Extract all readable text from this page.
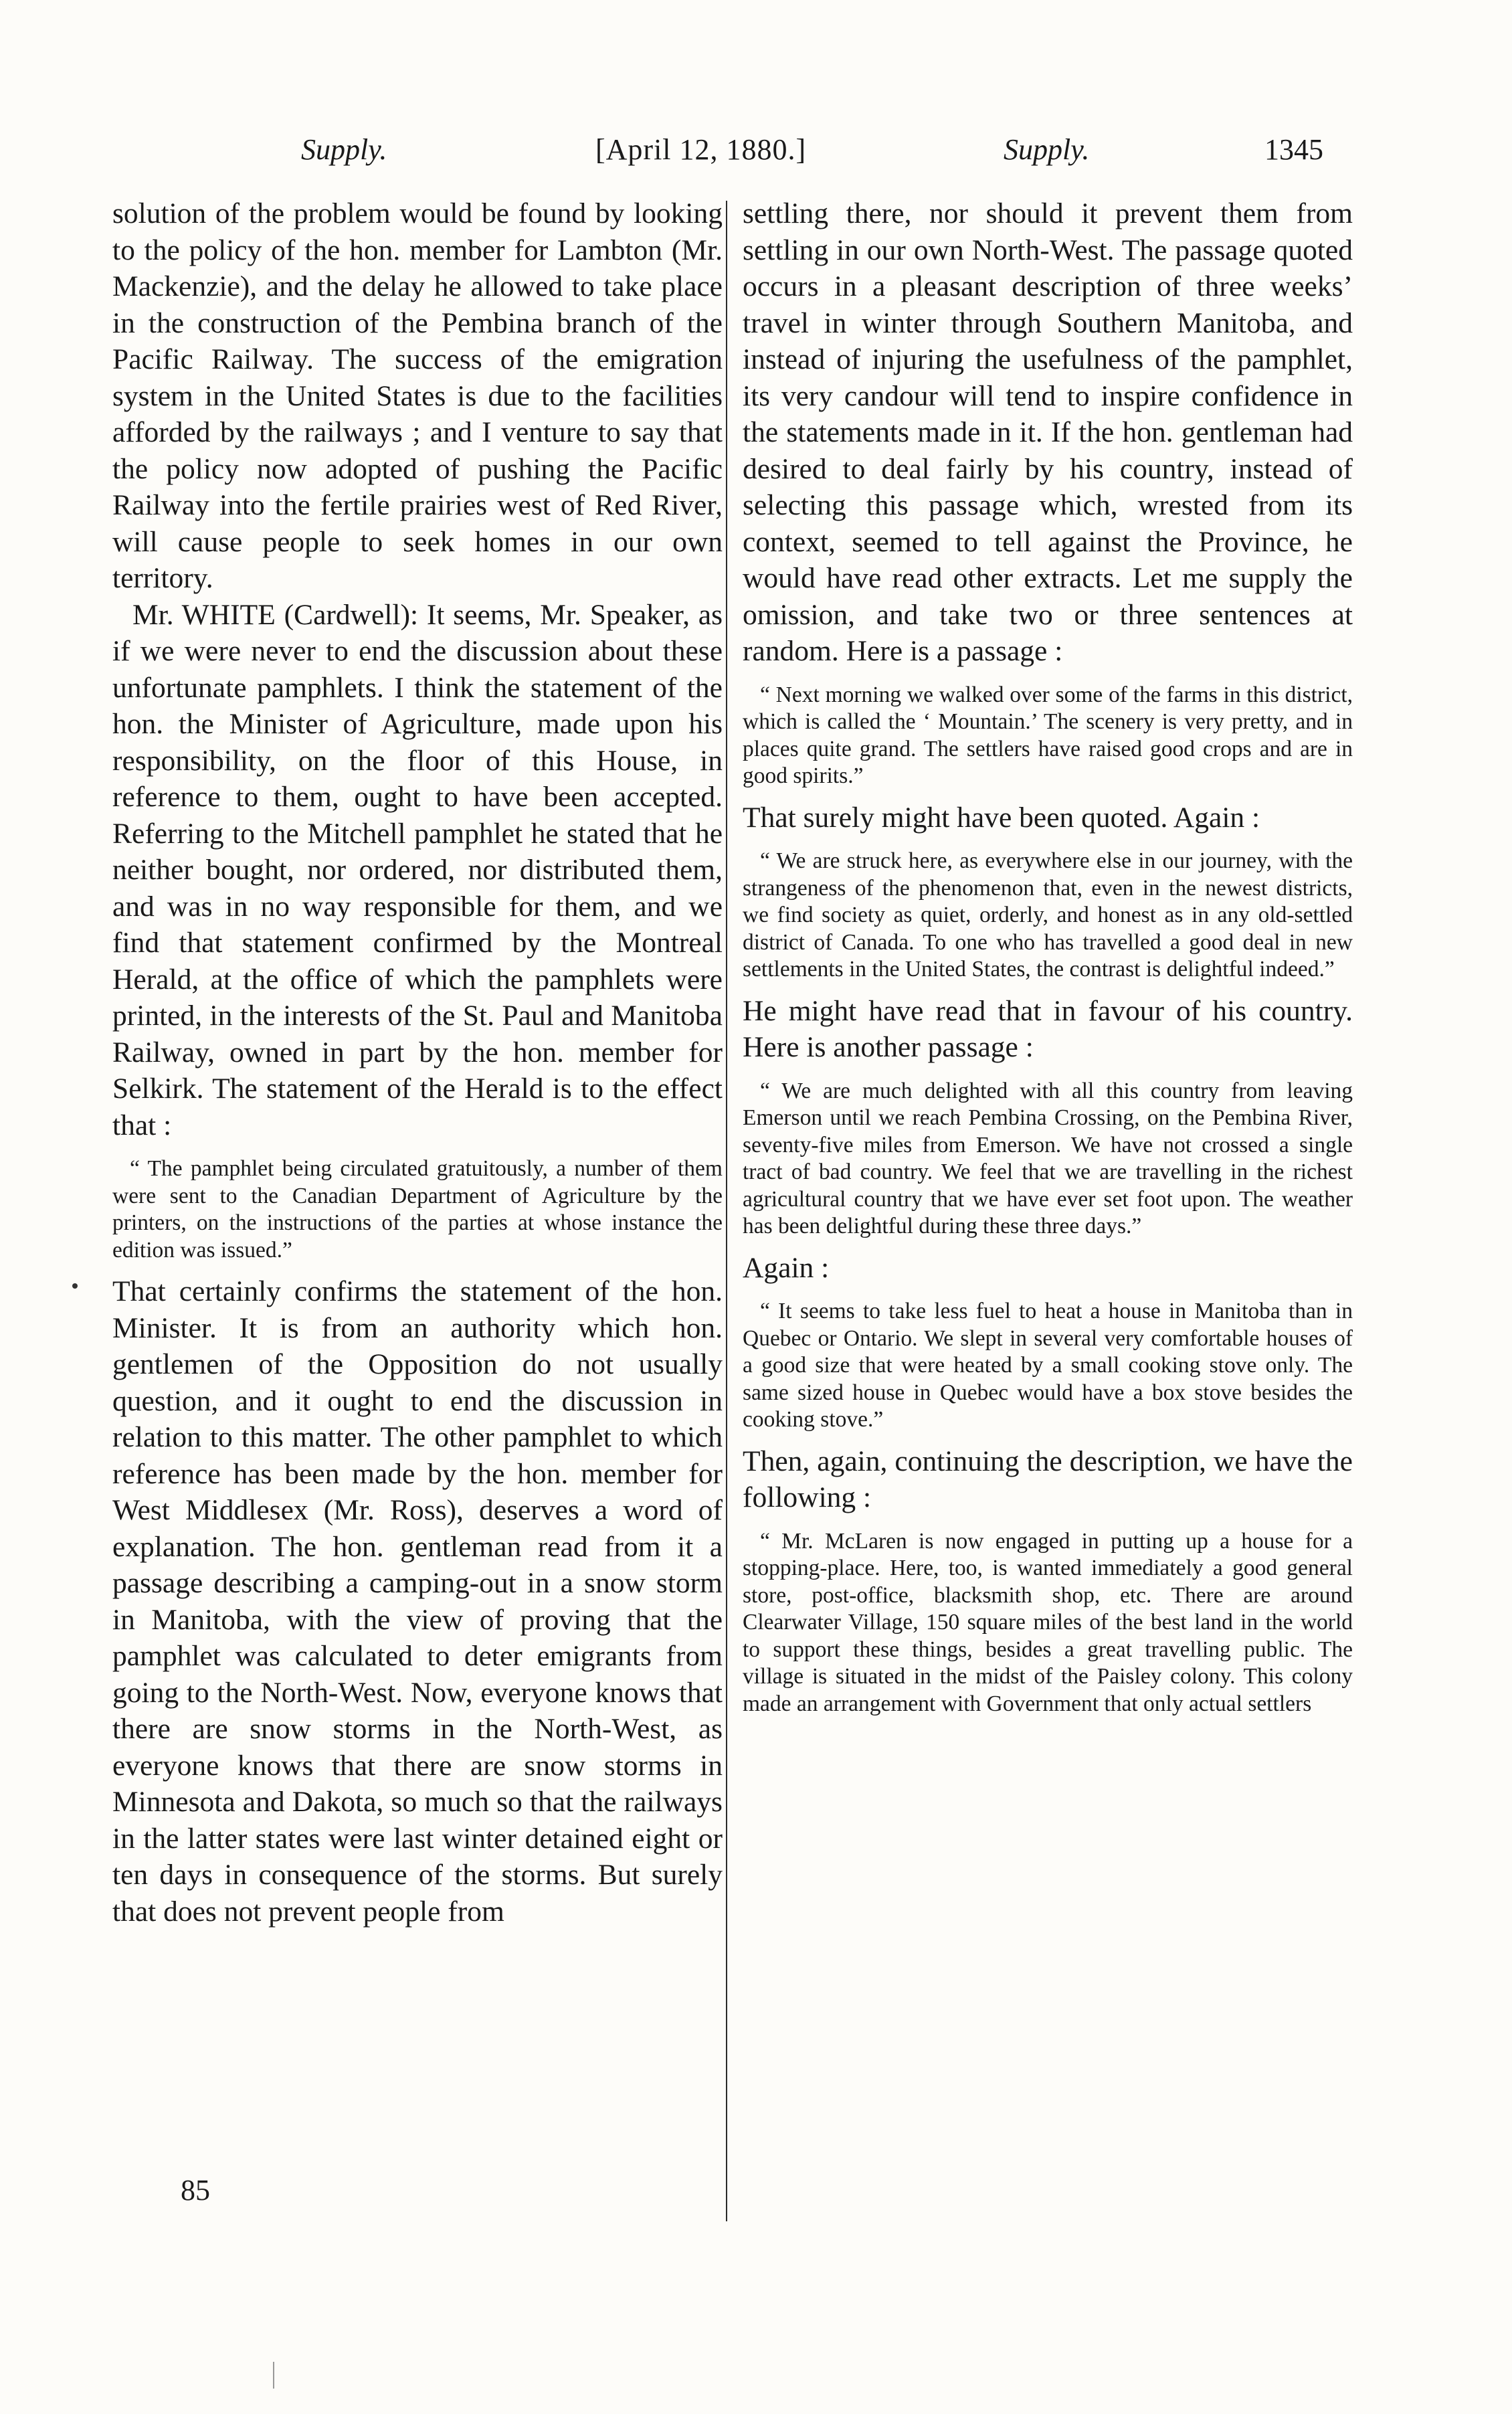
Supply.	[April 12, 1880.]	Supply.	1345

solution of the problem would be found by looking to the policy of the hon. member for Lambton (Mr. Mackenzie), and the delay he allowed to take place in the construction of the Pembina branch of the Pacific Railway. The success of the emigration system in the United States is due to the facilities afforded by the railways ; and I venture to say that the policy now adopted of pushing the Pacific Railway into the fertile prairies west of Red River, will cause people to seek homes in our own territory.

Mr. WHITE (Cardwell): It seems, Mr. Speaker, as if we were never to end the discussion about these unfortunate pamphlets. I think the statement of the hon. the Minister of Agriculture, made upon his responsibility, on the floor of this House, in reference to them, ought to have been accepted. Referring to the Mitchell pamphlet he stated that he neither bought, nor ordered, nor distributed them, and was in no way responsible for them, and we find that statement confirmed by the Montreal Herald, at the office of which the pamphlets were printed, in the interests of the St. Paul and Manitoba Railway, owned in part by the hon. member for Selkirk. The statement of the Herald is to the effect that :

“ The pamphlet being circulated gratuitously, a number of them were sent to the Canadian Department of Agriculture by the printers, on the instructions of the parties at whose instance the edition was issued.”

That certainly confirms the statement of the hon. Minister. It is from an authority which hon. gentlemen of the Opposition do not usually question, and it ought to end the discussion in relation to this matter. The other pamphlet to which reference has been made by the hon. member for West Middlesex (Mr. Ross), deserves a word of explanation. The hon. gentleman read from it a passage describing a camping-out in a snow storm in Manitoba, with the view of proving that the pamphlet was calculated to deter emigrants from going to the North-West. Now, everyone knows that there are snow storms in the North-West, as everyone knows that there are snow storms in Minnesota and Dakota, so much so that the railways in the latter states were last winter detained eight or ten days in consequence of the storms. But surely that does not prevent people from

settling there, nor should it prevent them from settling in our own North-West. The passage quoted occurs in a pleasant description of three weeks’ travel in winter through Southern Manitoba, and instead of injuring the usefulness of the pamphlet, its very candour will tend to inspire confidence in the statements made in it. If the hon. gentleman had desired to deal fairly by his country, instead of selecting this passage which, wrested from its context, seemed to tell against the Province, he would have read other extracts. Let me supply the omission, and take two or three sentences at random. Here is a passage :

“ Next morning we walked over some of the farms in this district, which is called the ‘ Mountain.’ The scenery is very pretty, and in places quite grand. The settlers have raised good crops and are in good spirits.”

That surely might have been quoted. Again :

“ We are struck here, as everywhere else in our journey, with the strangeness of the phenomenon that, even in the newest districts, we find society as quiet, orderly, and honest as in any old-settled district of Canada. To one who has travelled a good deal in new settlements in the United States, the contrast is delightful indeed.”

He might have read that in favour of his country. Here is another passage :

“ We are much delighted with all this country from leaving Emerson until we reach Pembina Crossing, on the Pembina River, seventy-five miles from Emerson. We have not crossed a single tract of bad country. We feel that we are travelling in the richest agricultural country that we have ever set foot upon. The weather has been delightful during these three days.”

Again :

“ It seems to take less fuel to heat a house in Manitoba than in Quebec or Ontario. We slept in several very comfortable houses of a good size that were heated by a small cooking stove only. The same sized house in Quebec would have a box stove besides the cooking stove.”

Then, again, continuing the description, we have the following :

“ Mr. McLaren is now engaged in putting up a house for a stopping-place. Here, too, is wanted immediately a good general store, post-office, blacksmith shop, etc. There are around Clearwater Village, 150 square miles of the best land in the world to support these things, besides a great travelling public. The village is situated in the midst of the Paisley colony. This colony made an arrangement with Government that only actual settlers

85
